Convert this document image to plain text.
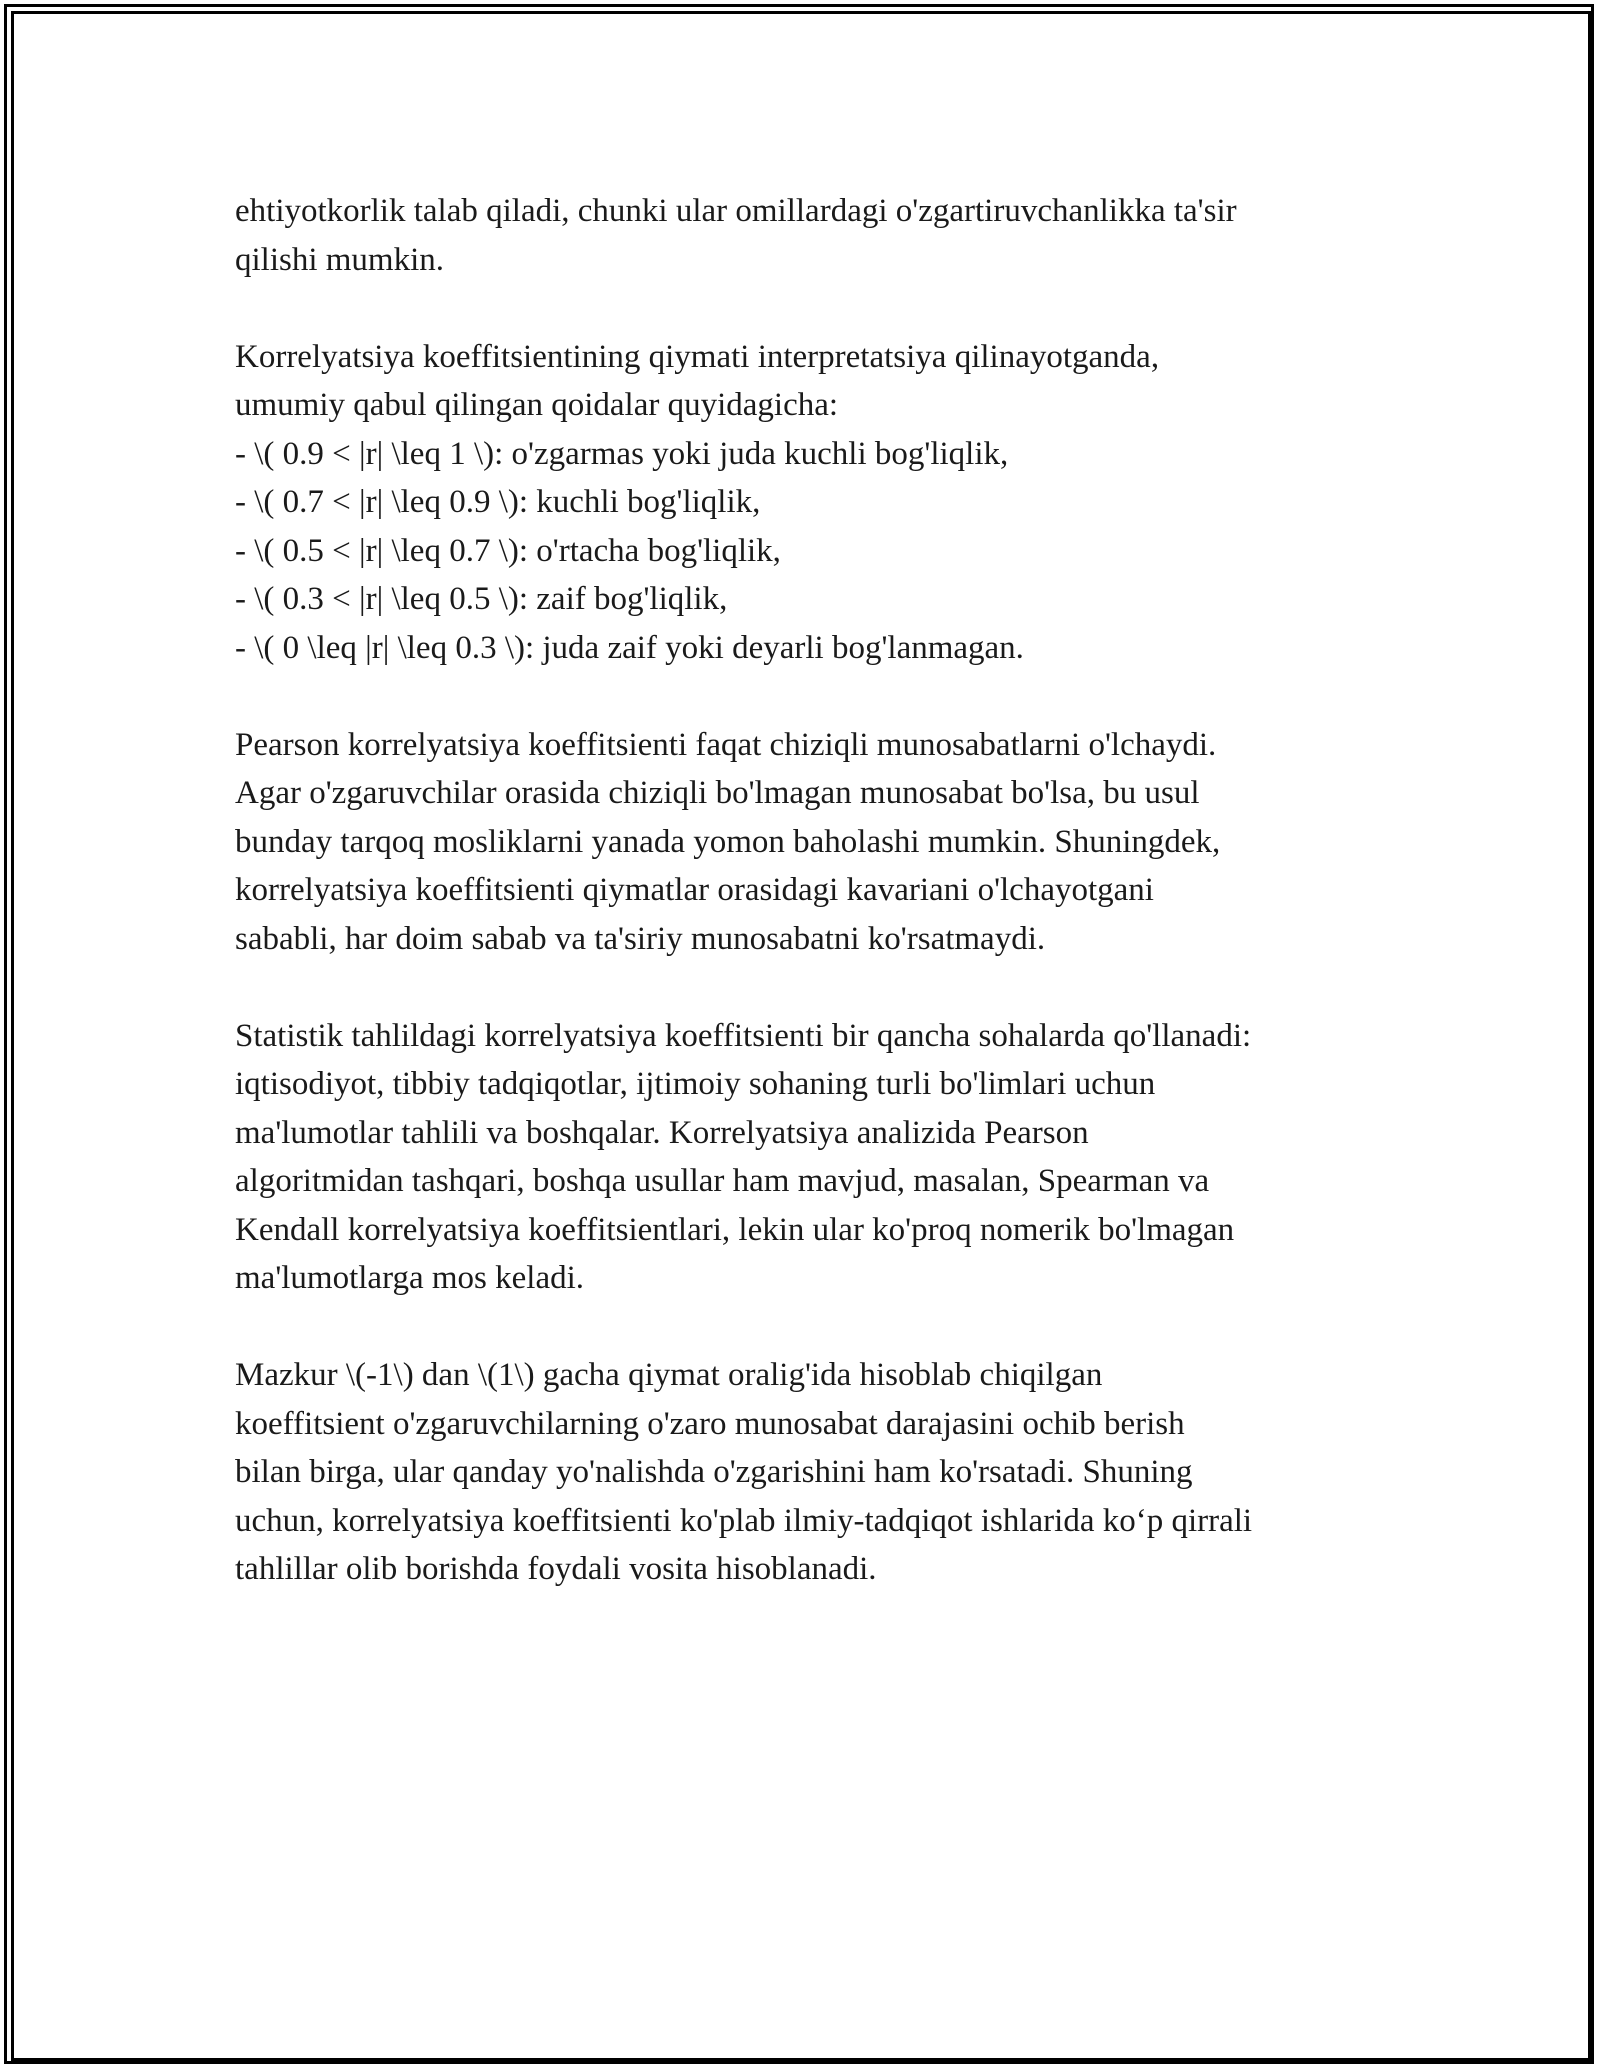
ehtiyotkorlik talab qiladi, chunki ular omillardagi o'zgartiruvchanlikka ta'sir
qilishi mumkin.
Korrelyatsiya koeffitsientining qiymati interpretatsiya qilinayotganda,
umumiy qabul qilingan qoidalar quyidagicha:
- \( 0.9 < |r| \leq 1 \): o'zgarmas yoki juda kuchli bog'liqlik,
- \( 0.7 < |r| \leq 0.9 \): kuchli bog'liqlik,
- \( 0.5 < |r| \leq 0.7 \): o'rtacha bog'liqlik,
- \( 0.3 < |r| \leq 0.5 \): zaif bog'liqlik,
- \( 0 \leq |r| \leq 0.3 \): juda zaif yoki deyarli bog'lanmagan.
Pearson korrelyatsiya koeffitsienti faqat chiziqli munosabatlarni o'lchaydi.
Agar o'zgaruvchilar orasida chiziqli bo'lmagan munosabat bo'lsa, bu usul
bunday tarqoq mosliklarni yanada yomon baholashi mumkin. Shuningdek,
korrelyatsiya koeffitsienti qiymatlar orasidagi kavariani o'lchayotgani
sababli, har doim sabab va ta'siriy munosabatni ko'rsatmaydi.
Statistik tahlildagi korrelyatsiya koeffitsienti bir qancha sohalarda qo'llanadi:
iqtisodiyot, tibbiy tadqiqotlar, ijtimoiy sohaning turli bo'limlari uchun
ma'lumotlar tahlili va boshqalar. Korrelyatsiya analizida Pearson
algoritmidan tashqari, boshqa usullar ham mavjud, masalan, Spearman va
Kendall korrelyatsiya koeffitsientlari, lekin ular ko'proq nomerik bo'lmagan
ma'lumotlarga mos keladi.
Mazkur \(-1\) dan \(1\) gacha qiymat oralig'ida hisoblab chiqilgan
koeffitsient o'zgaruvchilarning o'zaro munosabat darajasini ochib berish
bilan birga, ular qanday yo'nalishda o'zgarishini ham ko'rsatadi. Shuning
uchun, korrelyatsiya koeffitsienti ko'plab ilmiy-tadqiqot ishlarida ko‘p qirrali
tahlillar olib borishda foydali vosita hisoblanadi.
